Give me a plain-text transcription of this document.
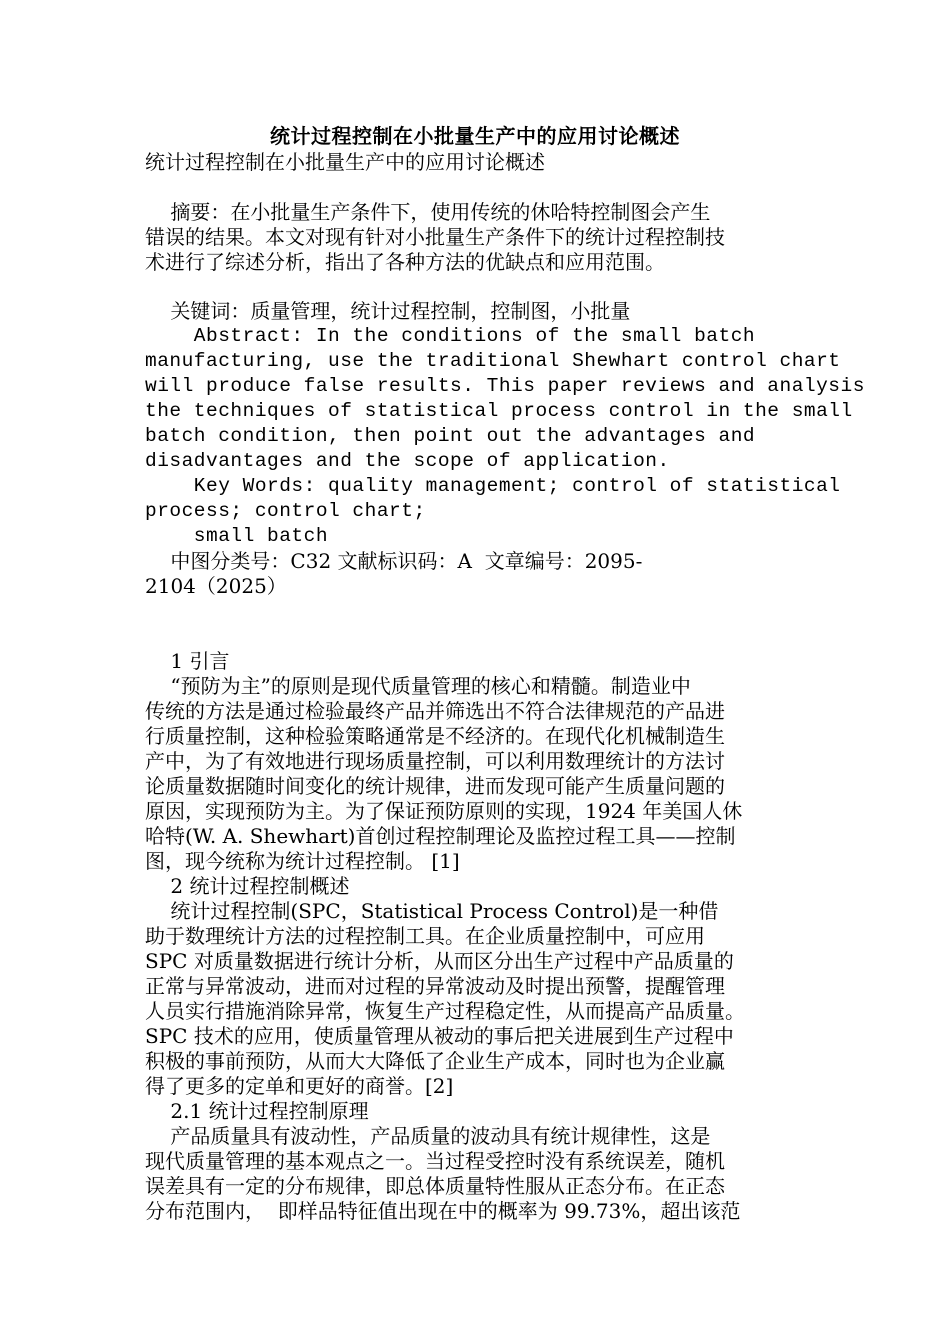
统计过程控制在小批量生产中的应用讨论概述
统计过程控制在小批量生产中的应用讨论概述
摘要：在小批量生产条件下，使用传统的休哈特控制图会产生
错误的结果。本文对现有针对小批量生产条件下的统计过程控制技
术进行了综述分析，指出了各种方法的优缺点和应用范围。
关键词：质量管理，统计过程控制，控制图，小批量
Abstract: In the conditions of the small batch
manufacturing, use the traditional Shewhart control chart
will produce false results. This paper reviews and analysis
the techniques of statistical process control in the small
batch condition, then point out the advantages and
disadvantages and the scope of application.
Key Words: quality management; control of statistical
process; control chart;
small batch
中图分类号：C32 文献标识码：A  文章编号：2095-
2104（2025）
1 引言
“预防为主”的原则是现代质量管理的核心和精髓。制造业中
传统的方法是通过检验最终产品并筛选出不符合法律规范的产品进
行质量控制，这种检验策略通常是不经济的。在现代化机械制造生
产中，为了有效地进行现场质量控制，可以利用数理统计的方法讨
论质量数据随时间变化的统计规律，进而发现可能产生质量问题的
原因，实现预防为主。为了保证预防原则的实现，1924 年美国人休
哈特(W. A. Shewhart)首创过程控制理论及监控过程工具——控制
图，现今统称为统计过程控制。 [1]
2 统计过程控制概述
统计过程控制(SPC，Statistical Process Control)是一种借
助于数理统计方法的过程控制工具。在企业质量控制中，可应用
SPC 对质量数据进行统计分析，从而区分出生产过程中产品质量的
正常与异常波动，进而对过程的异常波动及时提出预警，提醒管理
人员实行措施消除异常，恢复生产过程稳定性，从而提高产品质量。
SPC 技术的应用，使质量管理从被动的事后把关进展到生产过程中
积极的事前预防，从而大大降低了企业生产成本，同时也为企业赢
得了更多的定单和更好的商誉。[2]
2.1 统计过程控制原理
产品质量具有波动性，产品质量的波动具有统计规律性，这是
现代质量管理的基本观点之一。当过程受控时没有系统误差，随机
误差具有一定的分布规律，即总体质量特性服从正态分布。在正态
分布范围内，  即样品特征值出现在中的概率为 99.73%，超出该范
